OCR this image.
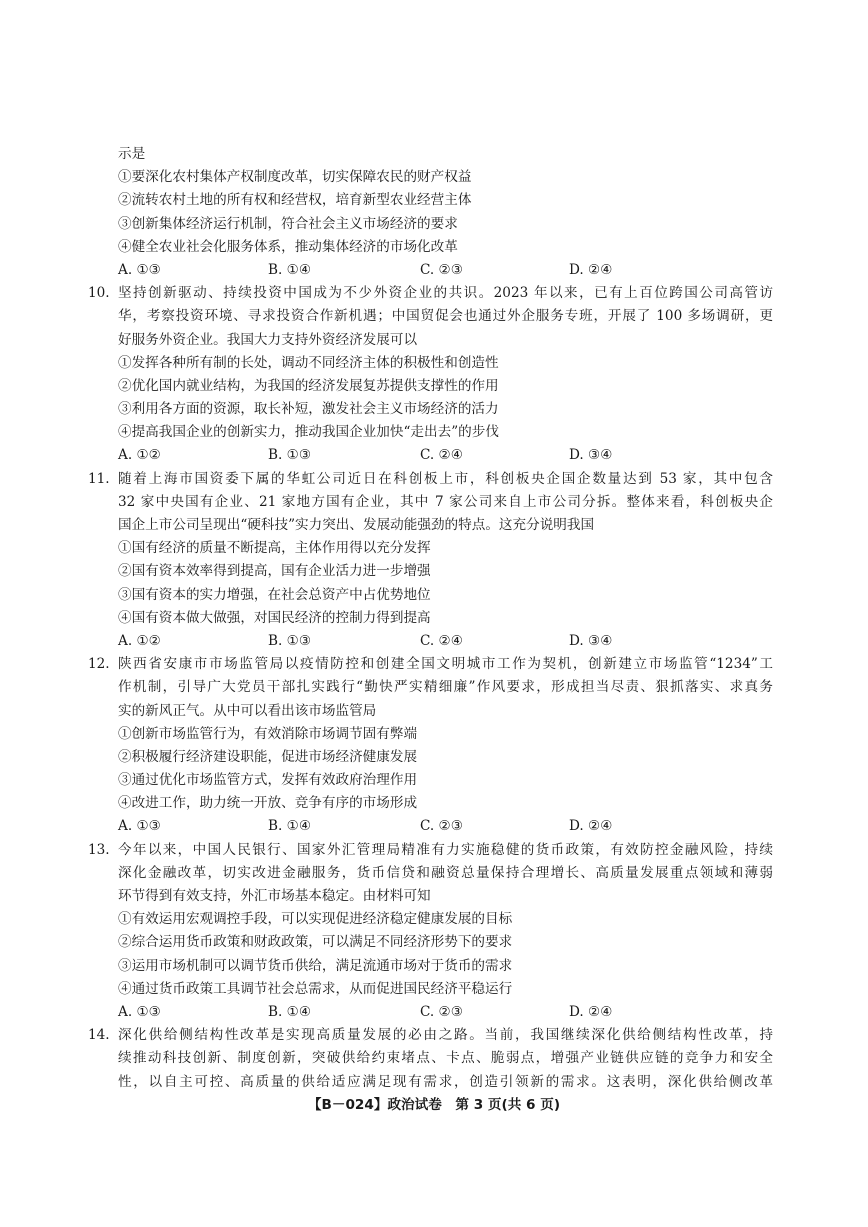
示是
①要深化农村集体产权制度改革，切实保障农民的财产权益
②流转农村土地的所有权和经营权，培育新型农业经营主体
③创新集体经济运行机制，符合社会主义市场经济的要求
④健全农业社会化服务体系，推动集体经济的市场化改革
A. ①③	B. ①④	C. ②③	D. ②④
10. 坚持创新驱动、持续投资中国成为不少外资企业的共识。2023 年以来，已有上百位跨国公司高管访
华，考察投资环境、寻求投资合作新机遇；中国贸促会也通过外企服务专班，开展了 100 多场调研，更
好服务外资企业。我国大力支持外资经济发展可以
①发挥各种所有制的长处，调动不同经济主体的积极性和创造性
②优化国内就业结构，为我国的经济发展复苏提供支撑性的作用
③利用各方面的资源，取长补短，激发社会主义市场经济的活力
④提高我国企业的创新实力，推动我国企业加快“走出去”的步伐
A. ①②	B. ①③	C. ②④	D. ③④
11. 随着上海市国资委下属的华虹公司近日在科创板上市，科创板央企国企数量达到 53 家，其中包含
32 家中央国有企业、21 家地方国有企业，其中 7 家公司来自上市公司分拆。整体来看，科创板央企
国企上市公司呈现出“硬科技”实力突出、发展动能强劲的特点。这充分说明我国
①国有经济的质量不断提高，主体作用得以充分发挥
②国有资本效率得到提高，国有企业活力进一步增强
③国有资本的实力增强，在社会总资产中占优势地位
④国有资本做大做强，对国民经济的控制力得到提高
A. ①②	B. ①③	C. ②④	D. ③④
12. 陕西省安康市市场监管局以疫情防控和创建全国文明城市工作为契机，创新建立市场监管“1234”工
作机制，引导广大党员干部扎实践行“勤快严实精细廉”作风要求，形成担当尽责、狠抓落实、求真务
实的新风正气。从中可以看出该市场监管局
①创新市场监管行为，有效消除市场调节固有弊端
②积极履行经济建设职能，促进市场经济健康发展
③通过优化市场监管方式，发挥有效政府治理作用
④改进工作，助力统一开放、竞争有序的市场形成
A. ①③	B. ①④	C. ②③	D. ②④
13. 今年以来，中国人民银行、国家外汇管理局精准有力实施稳健的货币政策，有效防控金融风险，持续
深化金融改革，切实改进金融服务，货币信贷和融资总量保持合理增长、高质量发展重点领域和薄弱
环节得到有效支持，外汇市场基本稳定。由材料可知
①有效运用宏观调控手段，可以实现促进经济稳定健康发展的目标
②综合运用货币政策和财政政策，可以满足不同经济形势下的要求
③运用市场机制可以调节货币供给，满足流通市场对于货币的需求
④通过货币政策工具调节社会总需求，从而促进国民经济平稳运行
A. ①③	B. ①④	C. ②③	D. ②④
14. 深化供给侧结构性改革是实现高质量发展的必由之路。当前，我国继续深化供给侧结构性改革，持
续推动科技创新、制度创新，突破供给约束堵点、卡点、脆弱点，增强产业链供应链的竞争力和安全
性，以自主可控、高质量的供给适应满足现有需求，创造引领新的需求。这表明，深化供给侧改革
【B－024】政治试卷　第 3 页(共 6 页)
